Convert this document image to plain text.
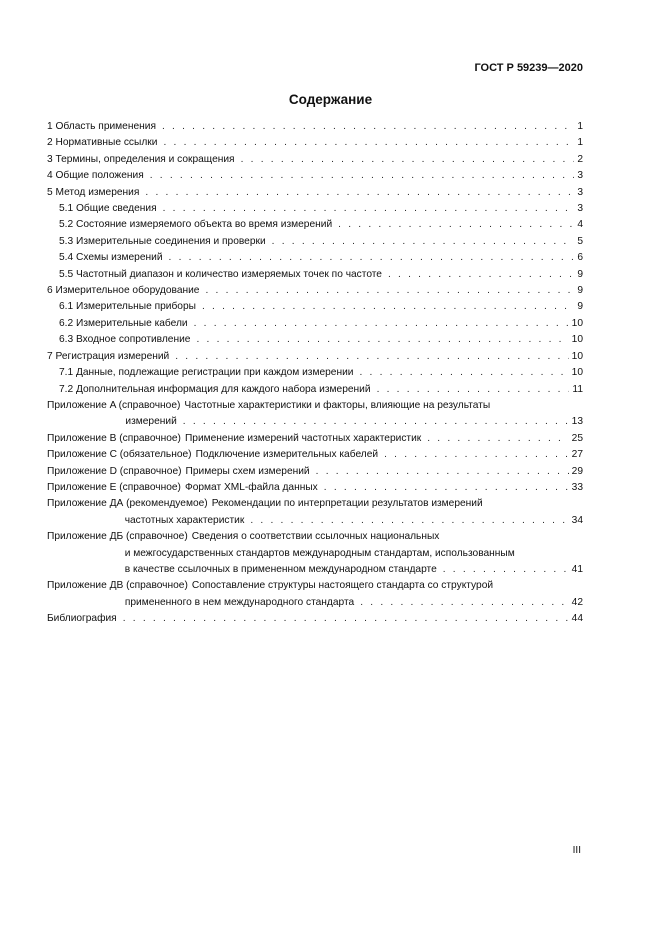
ГОСТ Р 59239—2020
Содержание
1 Область применения . . .	1
2 Нормативные ссылки . . .	1
3 Термины, определения и сокращения . . .	2
4 Общие положения . . .	3
5 Метод измерения . . .	3
5.1 Общие сведения . . .	3
5.2 Состояние измеряемого объекта во время измерений . . .	4
5.3 Измерительные соединения и проверки . . .	5
5.4 Схемы измерений . . .	6
5.5 Частотный диапазон и количество измеряемых точек по частоте . . .	9
6 Измерительное оборудование . . .	9
6.1 Измерительные приборы . . .	9
6.2 Измерительные кабели . . .	10
6.3 Входное сопротивление . . .	10
7 Регистрация измерений . . .	10
7.1 Данные, подлежащие регистрации при каждом измерении . . .	10
7.2 Дополнительная информация для каждого набора измерений . . .	11
Приложение A (справочное) Частотные характеристики и факторы, влияющие на результаты
измерений . . .	13
Приложение B (справочное) Применение измерений частотных характеристик . . .	25
Приложение C (обязательное) Подключение измерительных кабелей . . .	27
Приложение D (справочное) Примеры схем измерений . . .	29
Приложение E (справочное) Формат XML-файла данных . . .	33
Приложение ДА (рекомендуемое) Рекомендации по интерпретации результатов измерений
частотных характеристик . . .	34
Приложение ДБ (справочное) Сведения о соответствии ссылочных национальных
и межгосударственных стандартов международным стандартам, использованным
в качестве ссылочных в примененном международном стандарте . . .	41
Приложение ДВ (справочное) Сопоставление структуры настоящего стандарта со структурой
примененного в нем международного стандарта . . .	42
Библиография . . .	44
III
